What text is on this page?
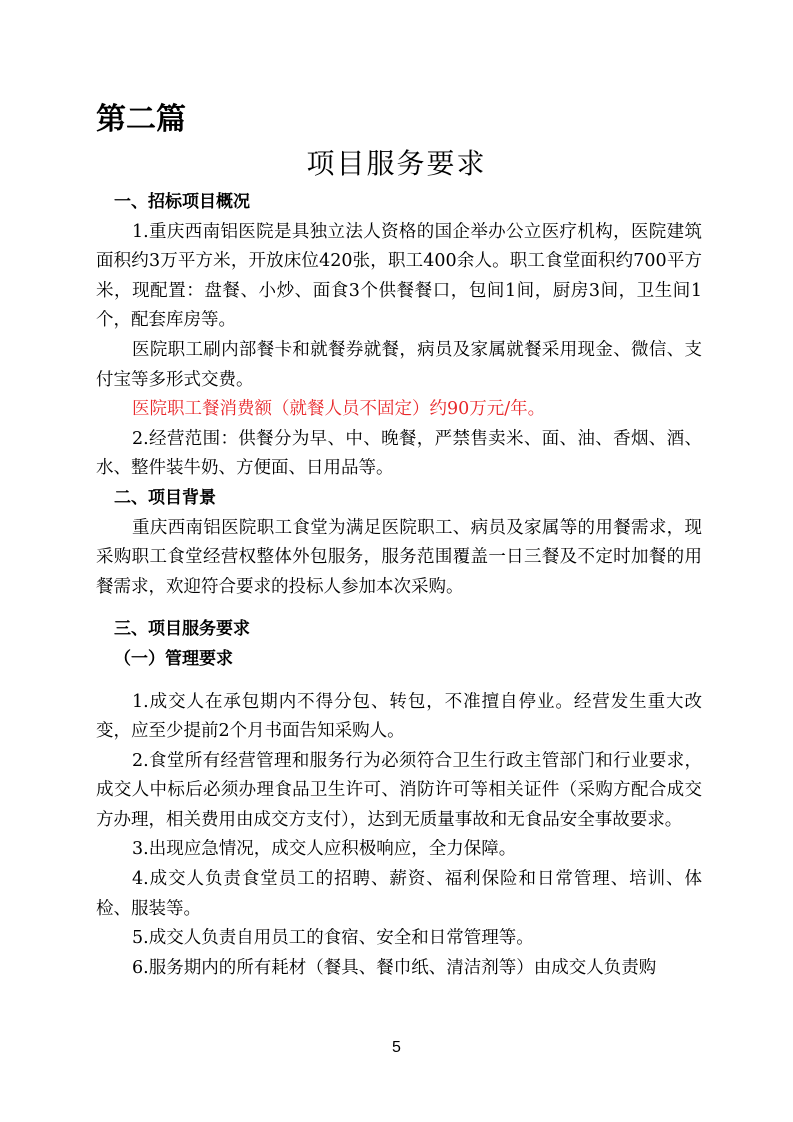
第二篇
项目服务要求

一、招标项目概况

1.重庆西南铝医院是具独立法人资格的国企举办公立医疗机构，医院建筑面积约3万平方米，开放床位420张，职工400余人。职工食堂面积约700平方米，现配置：盘餐、小炒、面食3个供餐餐口，包间1间，厨房3间，卫生间1个，配套库房等。

医院职工刷内部餐卡和就餐券就餐，病员及家属就餐采用现金、微信、支付宝等多形式交费。

医院职工餐消费额（就餐人员不固定）约90万元/年。

2.经营范围：供餐分为早、中、晚餐，严禁售卖米、面、油、香烟、酒、水、整件装牛奶、方便面、日用品等。

二、项目背景

重庆西南铝医院职工食堂为满足医院职工、病员及家属等的用餐需求，现采购职工食堂经营权整体外包服务，服务范围覆盖一日三餐及不定时加餐的用餐需求，欢迎符合要求的投标人参加本次采购。

三、项目服务要求

（一）管理要求

1.成交人在承包期内不得分包、转包，不准擅自停业。经营发生重大改变，应至少提前2个月书面告知采购人。

2.食堂所有经营管理和服务行为必须符合卫生行政主管部门和行业要求，成交人中标后必须办理食品卫生许可、消防许可等相关证件（采购方配合成交方办理，相关费用由成交方支付），达到无质量事故和无食品安全事故要求。

3.出现应急情况，成交人应积极响应，全力保障。

4.成交人负责食堂员工的招聘、薪资、福利保险和日常管理、培训、体检、服装等。

5.成交人负责自用员工的食宿、安全和日常管理等。

6.服务期内的所有耗材（餐具、餐巾纸、清洁剂等）由成交人负责购

5
